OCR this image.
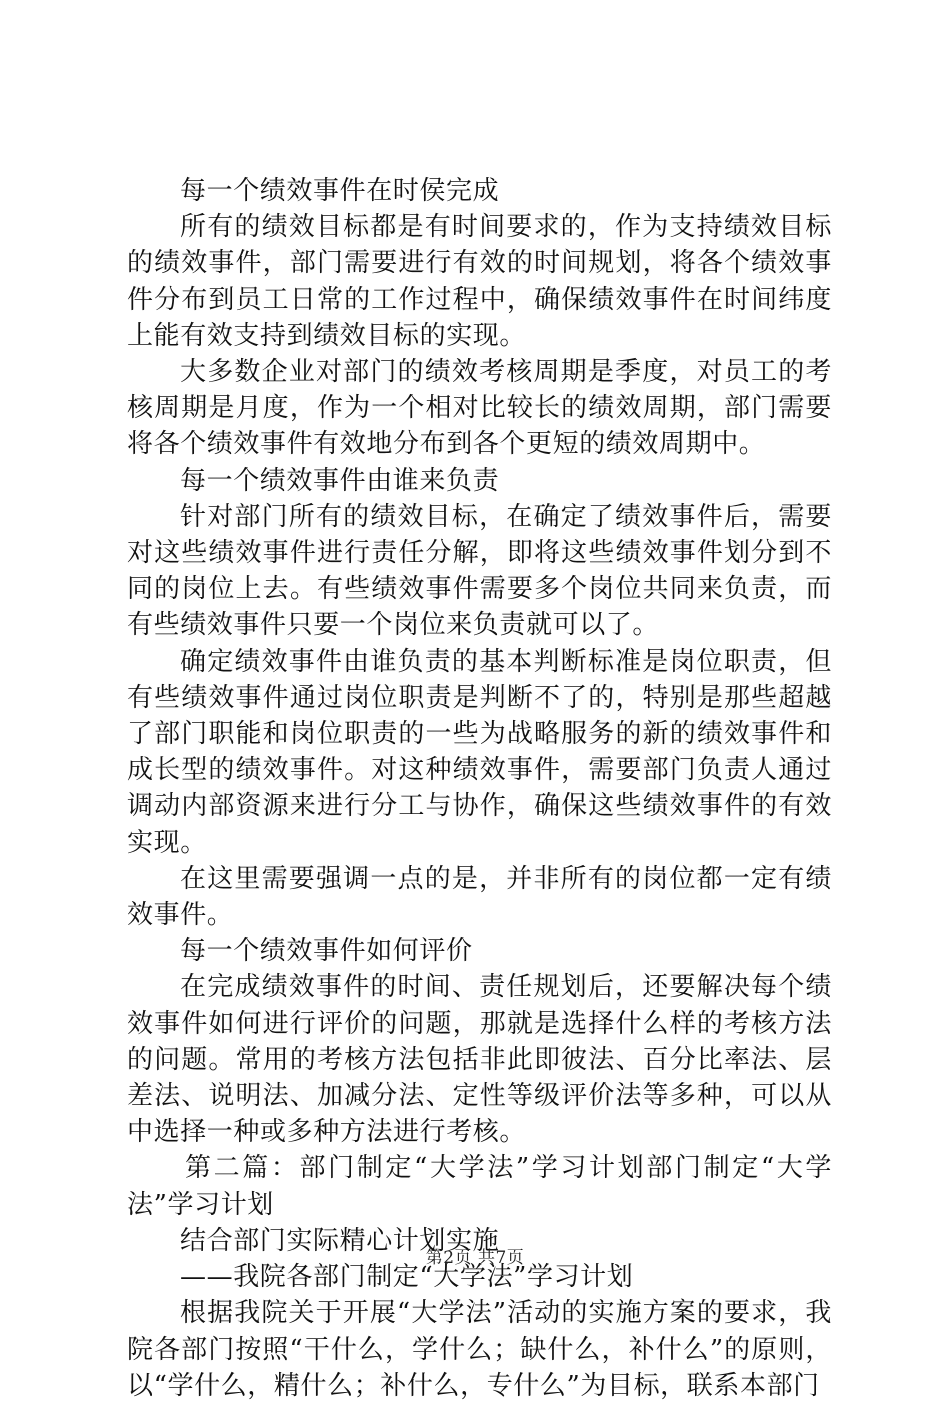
每一个绩效事件在时侯完成

所有的绩效目标都是有时间要求的，作为支持绩效目标的绩效事件，部门需要进行有效的时间规划，将各个绩效事件分布到员工日常的工作过程中，确保绩效事件在时间纬度上能有效支持到绩效目标的实现。

大多数企业对部门的绩效考核周期是季度，对员工的考核周期是月度，作为一个相对比较长的绩效周期，部门需要将各个绩效事件有效地分布到各个更短的绩效周期中。

每一个绩效事件由谁来负责

针对部门所有的绩效目标，在确定了绩效事件后，需要对这些绩效事件进行责任分解，即将这些绩效事件划分到不同的岗位上去。有些绩效事件需要多个岗位共同来负责，而有些绩效事件只要一个岗位来负责就可以了。

确定绩效事件由谁负责的基本判断标准是岗位职责，但有些绩效事件通过岗位职责是判断不了的，特别是那些超越了部门职能和岗位职责的一些为战略服务的新的绩效事件和成长型的绩效事件。对这种绩效事件，需要部门负责人通过调动内部资源来进行分工与协作，确保这些绩效事件的有效实现。

在这里需要强调一点的是，并非所有的岗位都一定有绩效事件。

每一个绩效事件如何评价

在完成绩效事件的时间、责任规划后，还要解决每个绩效事件如何进行评价的问题，那就是选择什么样的考核方法的问题。常用的考核方法包括非此即彼法、百分比率法、层差法、说明法、加减分法、定性等级评价法等多种，可以从中选择一种或多种方法进行考核。

第二篇：部门制定“大学法”学习计划部门制定“大学法”学习计划

结合部门实际精心计划实施

——我院各部门制定“大学法”学习计划

根据我院关于开展“大学法”活动的实施方案的要求，我院各部门按照“干什么，学什么；缺什么，补什么”的原则，以“学什么，精什么；补什么，专什么”为目标，联系本部门

第2页 共7页
